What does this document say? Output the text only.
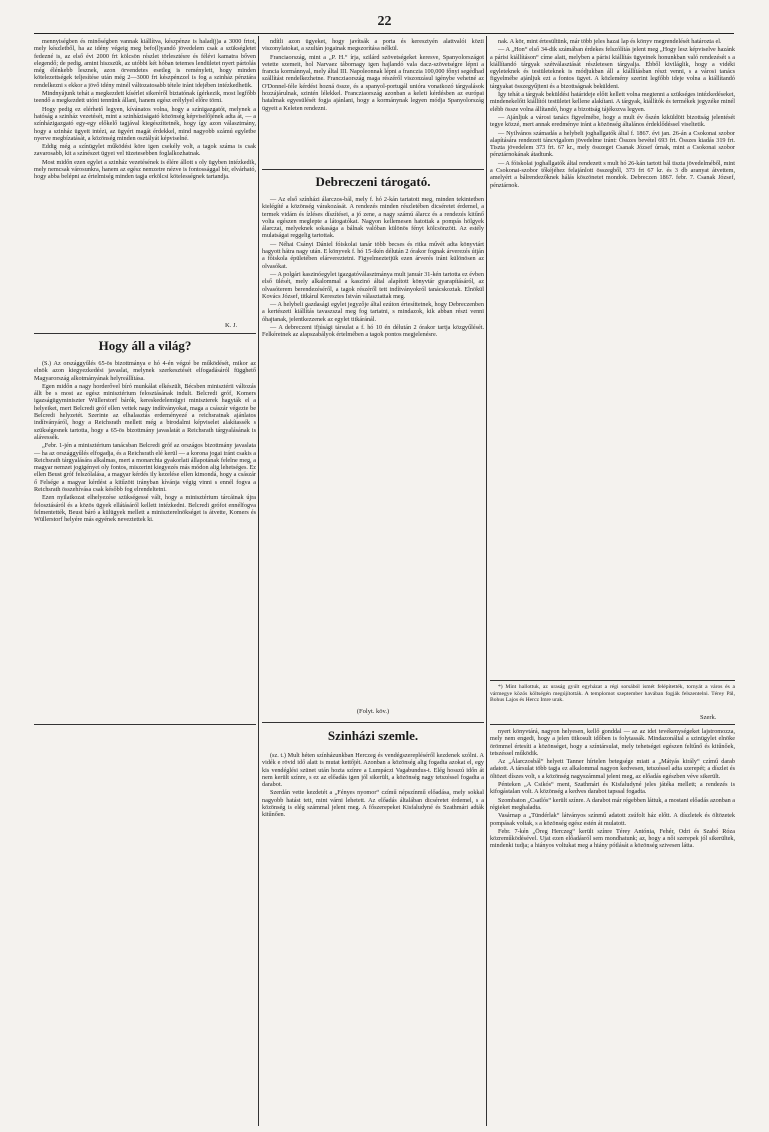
22

mennyiségben és minőségben vannak kiállítva, készpénze is halad(j)a a 3000 frtot, mely készletből, ha az idény végeig meg befo(l)yandó jövedelem csak a szükségletet fedezné is, az első évi 2000 frt kölcsön részlet törlesztésre és félévi kamatra bőven elegendő; de pedig, amint hiszszük, az utóbbi két hóban tetemes lendületet nyert pártolás még élénkebb lesznek, azon örvendetes esetleg is reménylett, hogy minden kötelezettségek teljesítése után még 2—3000 frt készpénzzel is fog a szinház pénztára rendelkezni s ekkor a jövő idény minél változatosabb tétele iránt idejében intézkedhetik.

Mindnyájunk tehát a megkezdett kísérlet sikeréről biztatónak ígérkezik, most legfőbb teendő a megkezdett utóni tennünk állani, hanem egész erélylyel előre törni.

Hogy pedig ez elérhető legyen, kívánatos volna, hogy a színigazgatót, melynek a hatóság a szinház vezetését, mint a szinháziságató közönség képviselőjének adta át, — a színházigazgató egy-egy előkelő tagjával kiegészíttetnék, hogy így azon választmány, hogy a szinház ügyeit intézi, az ügyért magát érdekkel, mind nagyobb számú egyletbe nyerve megbízatását, a közönség minden osztályát képviselné.

Eddig még a színügylet működési köre igen csekély volt, a tagok száma is csak zavarosabb, kit a színészet ügyei vel tüzetesebben foglalkozhatnak.

Most midőn ezen egylet a szinház vezetésének is élére állott s oly ügyben intézkedik, mely nemcsak városunkra, hanem az egész nemzetre nézve is fontossággal bír, elvárható, hogy abba belépni az értelmiség minden tagja erkölcsi kötelességnek tartandja.

K. J.
Hogy áll a világ?

(S.) Az országgyűlés 65-ös bizottmánya e hó 4-én végzé be működését, mikor az elnök azon kiegyezkedési javaslat, melynek szerkesztését elfogadásáról függhető Magyarország alkotmányának helyreállítása.

Egen midőn a nagy horderővel bíró munkálat elkészült, Bécsben minisztérii változás állt be s most az egész minisztérium felosztásának indult. Belcredi gróf, Komers igazságügyminiszter Wüllerstorf bárók, kereskedelemügyi miniszterek hagyták el a helyeiket, mert Belcredi gróf ellen vettek nagy indítványokat, maga a császár végezte be Belcredi helyzetét. Szerinte az elhalasztás erdeményezé a reichsratnak ajánlatos indítványáról, hogy a Reichsrath mellett még a birodalmi képviselet alakítassék s szükségesnek tartotta, hogy a 65-ös bizottmány javaslatát a Reichsrath tárgyalásának is alávessék.

„Febr. 1-jén a minisztérium tanácsban Belcredi gróf az országos bizottmány javaslata — ha az országgyűlés elfogadja, és a Reichsrath elé kerül — a korona jogai iránt csakis a Reichsrath tárgyalására alkalmas, mert a monarchia gyakorlati állapotának felelne meg, a magyar nemzet jogigényei oly fontos, miszerint kiegyezés más módon alig lehetséges. Ez ellen Beust gróf felszólalása, a magyar kérdés ily kezelése ellen kimondá, hogy a császár ő Felsége a magyar kérdést a kitűzött irányban kívánja végig vinni s ennél fogva a Reichsrath összehívása csak később fog elrendeltetni.

Ezen nyilatkozat elhelyezése szükségessé vált, hogy a minisztérium tárcáinak újra felosztásáról és a közös ügyek ellátásáról kellett intézkedni. Belcredi grófot ennélfogva felmentették, Beust báró a külügyek mellett a miniszterelnökséget is átvette, Komers és Wüllerstorf helyére más egyének neveztettek ki.

ndítli azon ügyeket, hogy javítsák a porta és keresztyén alattvalói közti viszonylatokat, a szultán jogainak megszorítása nélkül.

Franciaország, mint a „P. H.“ írja, szilárd szövetségeket keresve, Spanyolországot vetette szemeit, hol Narvaez tábornagy igen hajlandó vala dacz-szövetségre lépni a francia kormánnyal, mely által III. Napoleonnak lépni a franczia 100,000 főnyi segédhad szállítást rendelkezhetne. Francziaország maga részéről viszonzásul igénybe vehetné az O'Donnel-féle kérdést hozná össze, és a spanyol-portugál unióra vonatkozó tárgyalások hozzájárulnak, szintén lélekkel. Francziaország azonban a keleti kérdésben az európai hatalmak egyesülését fogja ajánlani, hogy a kormánynak legyen módja Spanyolország ügyeit a Keleten rendezni.

Debreczeni tárogató.

— Az első színházi álarczos-bál, mely f. hó 2-kán tartatott meg, minden tekintetben kielégíté a közönség várakozását. A rendezés minden részletében dicséretet érdemel, a termek vidám és ízléses díszítései, a jó zene, a nagy számú álarcz és a rendezés kitűnő volta egészen meglepte a látogatókat. Nagyon kellemesen hatottak a pompás hölgyek álarczai, melyeknek sokasága a bálnak valóban különös fényt kölcsönzött. Az estély mulatságai reggelig tartottak.

— Néhai Csányi Dániel fóiskolai tanár több becses és ritka művét adta könyvtárt hagyott hátra nagy után. E könyvek f. hó 15-ikén délután 2 órakor fognak árverezés útján a főiskola épületében elárvereztetni. Figyelmeztetjük ezen árverés iránt különösen az olvasókat.

— A polgári kaszinóegylet igazgatóválasztmánya mult január 31-kén tartotta ez évben első ülését, mely alkalommal a kaszinó által alapított könyvtár gyarapításáról, az olvasóterem berendezéséről, a tagok részéről tett indítványokról tanácskoztak. Elnökül Kovács József, titkárul Keresztes István választattak meg.

— A helybeli gazdasági egylet jegyzője által ezúton értesíttetnek, hogy Debreczenben a kertészeti kiállítás tavaszszal meg fog tartatni, s mindazok, kik abban részt venni óhajtanak, jelentkezzenek az egylet titkáránál.

— A debreczeni ifjúsági társulat a f. hó 10 én délután 2 órakor tartja közgyűlését. Felkéretnek az alapszabályok értelmében a tagok pontos megjelenésre.

(Folyt. köv.)
Szinházi szemle.

(sz. t.) Mult héten színházunkban Herczeg és vendégszerepléséről kezdenek szólni. A vidék e rövid idő alatt is mutat kettőjét. Azonban a közönség alig fogadta azokat el, egy kis vendéglési szünet után hozta színre a Lumpáczi Vagabundus-t. Elég hosszú időn át nem került színre, s ez az előadás igen jól sikerült, a közönség nagy tetszéssel fogadta a darabot.

Szerdán vette kezdetét a „Fényes nyomor“ czímű népszínmű előadása, mely sokkal nagyobb hatást tett, mint várni lehetett. Az előadás általában dicséretet érdemel, s a közönség is elég számmal jelent meg. A főszerepeket Kisfaludyné és Szathmári adták kitűnően.

nak. A kör, mint értesültünk, már több jeles hazai lap és könyv megrendelését határozta el.

— A „Hon“ első 34-dik számában érdekes felszólítás jelent meg „Hogy lesz képviselve hazánk a párisi kiállításon“ címe alatt, melyben a párisi kiállítás ügyeinek honunkban való rendezését s a kiállítandó tárgyak szétválasztását részletesen tárgyalja. Ebből kiviláglik, hogy a vidéki egyleteknek és testületeknek is módjukban áll a kiállításban részt venni, s a városi tanács figyelmébe ajánljuk ezt a fontos ügyet. A közlemény szerint legfőbb ideje volna a kiállítandó tárgyakat összegyűjteni és a bizottságnak beküldeni.

Így tehát a tárgyak beküldési határideje előtt kellett volna megtenni a szükséges intézkedéseket, mindenekelőtt kiállítói testületet kellene alakítani. A tárgyak, kiállítók és termékek jegyzéke minél elébb össze volna állítandó, hogy a bizottság tájékozva legyen.

— Ajánljuk a városi tanács figyelmébe, hogy a mult év őszén kiküldött bizottság jelentését tegye közzé, mert annak eredménye iránt a közönség általános érdeklődéssel viseltetik.

— Nyilvános számadás a helybeli joghallgatók által f. 1867. évi jan. 26-án a Csokonai szobor alapítására rendezett táncvigalom jövedelme iránt: Összes bevétel 693 frt. Összes kiadás 319 frt. Tiszta jövedelem 373 frt. 67 kr., mely összeget Csanak József úrnak, mint a Csokonai szobor pénztárnokának átadtunk.

— A fóiskolai joghallgatók által rendezett s mult hó 26-kán tartott bál tiszta jövedelméből, mint a Csokonai-szobor tőkéjéhez felajánlott összegből, 373 frt 67 kr. és 3 db aranyat átvettem, amelyért a bálrendezőknek hálás köszönetet mondok. Debreczen 1867. febr. 7. Csanak József, pénztárnok.

*) Mint hallottuk, az uraság gyúlt egyházat a régi sorsából ismét felépítették, tornyát a város és a vármegye közös költségén megújították. A templomot szeptember havában fogják felszentelni. Térey Pál, Bohus Lajos és Hercz Imre urak.

Szerk.

nyert könyvtárá, nagyon helyesen, kellő gonddal — az az idei tevékenységeket lajstromozza, mely nem engedi, hogy a jelen titkosult időben is folytassák. Mindazonáltal a szinügylet elnöke örömmel értesíti a közönséget, hogy a színtársulat, mely tehetségei egészen feltűnő és kitűnőek, tetszéssel működik.

Az „Álarczosbál“ helyett Tanner hírtelen betegsége miatt a „Mátyás király“ czímű darab adatott. A társulat több tagja ez alkalommal nagyon kedvesen, tetszéssel adta szerepét; a díszlet és öltözet díszes volt, s a közönség nagyszámmal jelent meg, az előadás egészben véve sikerült.

Pénteken „A Csikós“ ment, Szathmári és Kisfaludyné jeles játéka mellett; a rendezés is kifogástalan volt. A közönség a kedves darabot tapssal fogadta.

Szombaton „Csatlós“ került színre. A darabot már régebben láttuk, a mostani előadás azonban a régieket meghaladta.

Vasárnap a „Tündérlak“ látványos színmű adatott zsúfolt ház előtt. A díszletek és öltözetek pompásak voltak, s a közönség egész estén át mulatott.

Febr. 7-kén „Öreg Herczeg“ került színre Térey Antónia, Fehér, Odri és Szabó Róza közreműködésével. Ujat ezen előadásról sem mondhatunk; az, hogy a női szerepek jól sikerültek, mindenki tudja; a hiányos voltukat meg a hiány pótlását a közönség szivesen látta.
